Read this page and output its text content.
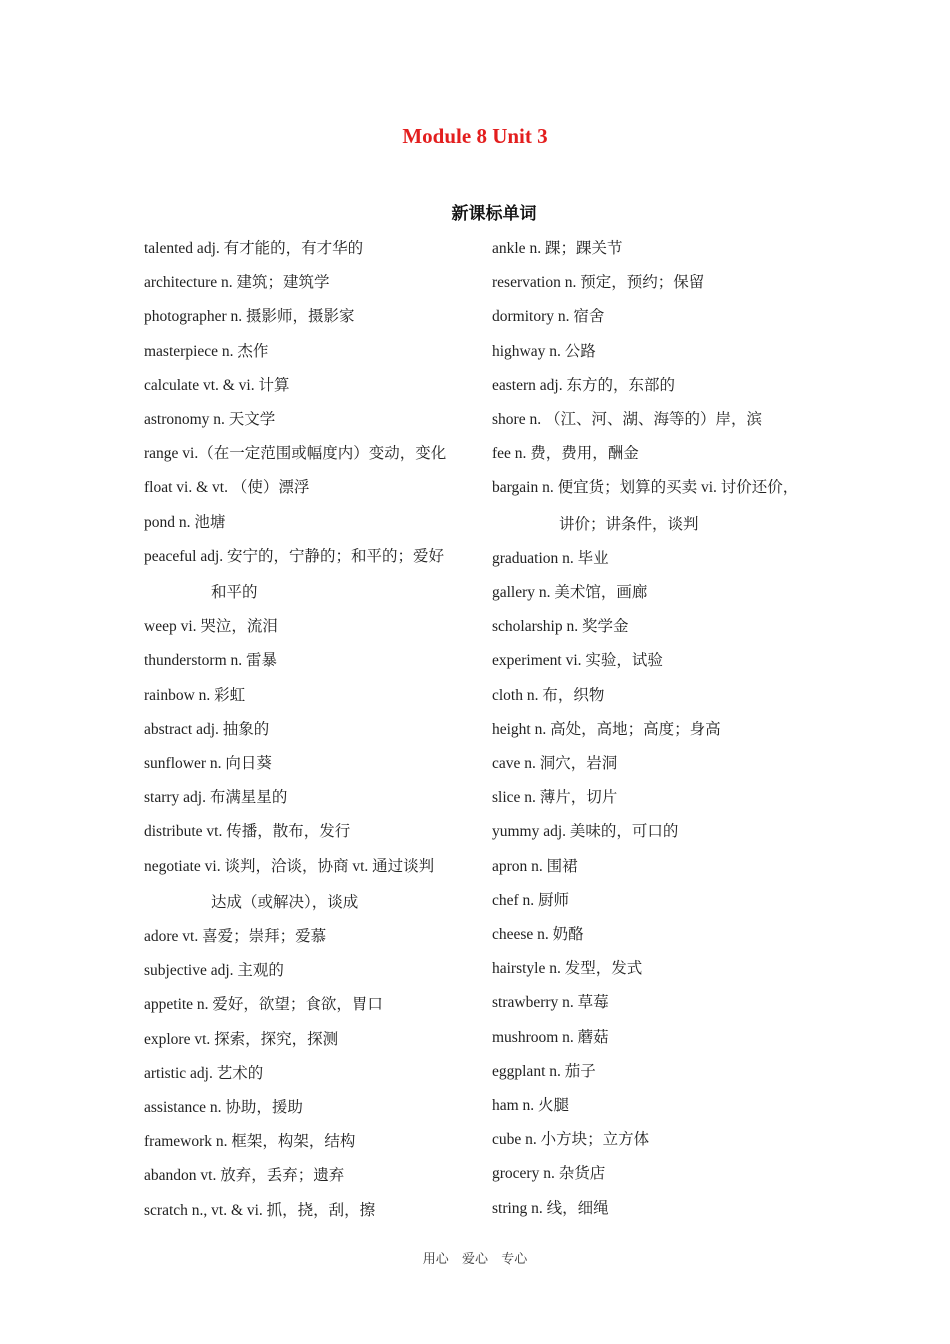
Module 8 Unit 3
新课标单词
talented adj. 有才能的，有才华的
architecture n. 建筑；建筑学
photographer n. 摄影师，摄影家
masterpiece n. 杰作
calculate vt. & vi. 计算
astronomy n. 天文学
range vi.（在一定范围或幅度内）变动，变化
float vi. & vt. （使）漂浮
pond n. 池塘
peaceful adj. 安宁的，宁静的；和平的；爱好
和平的
weep vi. 哭泣，流泪
thunderstorm n. 雷暴
rainbow n. 彩虹
abstract adj. 抽象的
sunflower n. 向日葵
starry adj. 布满星星的
distribute vt. 传播，散布，发行
negotiate vi. 谈判，洽谈，协商 vt. 通过谈判
达成（或解决），谈成
adore vt. 喜爱；崇拜；爱慕
subjective adj. 主观的
appetite n. 爱好，欲望；食欲，胃口
explore vt. 探索，探究，探测
artistic adj. 艺术的
assistance n. 协助，援助
framework n. 框架，构架，结构
abandon vt. 放弃，丢弃；遗弃
scratch n., vt. & vi. 抓，挠，刮，擦
ankle n. 踝；踝关节
reservation n. 预定，预约；保留
dormitory n. 宿舍
highway n. 公路
eastern adj. 东方的，东部的
shore n. （江、河、湖、海等的）岸，滨
fee n. 费，费用，酬金
bargain n. 便宜货；划算的买卖 vi. 讨价还价，
讲价；讲条件，谈判
graduation n. 毕业
gallery n. 美术馆，画廊
scholarship n. 奖学金
experiment vi. 实验，试验
cloth n. 布，织物
height n. 高处，高地；高度；身高
cave n. 洞穴，岩洞
slice n. 薄片，切片
yummy adj. 美味的，可口的
apron n. 围裙
chef n. 厨师
cheese n. 奶酪
hairstyle n. 发型，发式
strawberry n. 草莓
mushroom n. 蘑菇
eggplant n. 茄子
ham n. 火腿
cube n. 小方块；立方体
grocery n. 杂货店
string n. 线，细绳
用心 爱心 专心
